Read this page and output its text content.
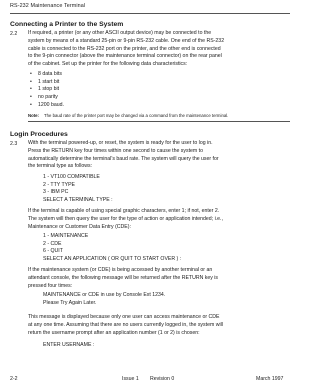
RS-232 Maintenance Terminal
Connecting a Printer to the System
2.2 If required, a printer (or any other ASCII output device) may be connected to the
system by means of a standard 25-pin or 9-pin RS-232 cable. One end of the RS-232
cable is connected to the RS-232 port on the printer, and the other end is connected
to the 9-pin connector (above the maintenance terminal connector) on the rear panel
of the cabinet. Set up the printer for the following data characteristics:
• 8 data bits
• 1 start bit
• 1 stop bit
• no parity
• 1200 baud.
Note: The baud rate of the printer port may be changed via a command from the maintenance terminal.
Login Procedures
2.3 With the terminal powered-up, or reset, the system is ready for the user to log in.
Press the RETURN key four times within one second to cause the system to
automatically determine the terminal's baud rate. The system will query the user for
the terminal type as follows:
1 - VT100 COMPATIBLE
2 - TTY TYPE
3 - IBM PC
SELECT A TERMINAL TYPE :
If the terminal is capable of using special graphic characters, enter 1; if not, enter 2.
The system will then query the user for the type of action or application intended; i.e.,
Maintenance or Customer Data Entry (CDE):
1 - MAINTENANCE
2 - CDE
6 - QUIT
SELECT AN APPLICATION ( OR QUIT TO START OVER ) :
If the maintenance system (or CDE) is being accessed by another terminal or an
attendant console, the following message will be returned after the RETURN key is
pressed four times:
MAINTENANCE or CDE in use by Console Ext 1234.
Please Try Again Later.
This message is displayed because only one user can access maintenance or CDE
at any one time. Assuming that there are no users currently logged in, the system will
return the username prompt after an application number (1 or 2) is chosen:
ENTER USERNAME :
2-2	Issue 1 Revision 0	March 1997
